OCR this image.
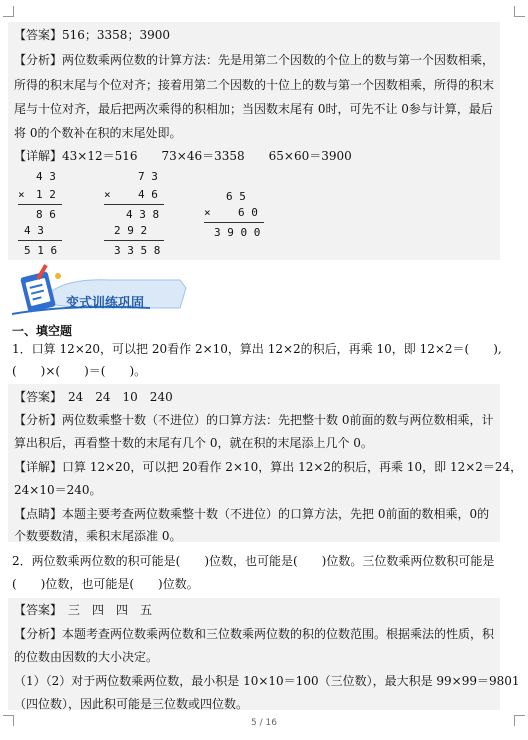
【答案】516；3358；3900
【分析】两位数乘两位数的计算方法：先是用第二个因数的个位上的数与第一个因数相乘，
所得的积末尾与个位对齐；接着用第二个因数的十位上的数与第一个因数相乘，所得的积末
尾与十位对齐，最后把两次乘得的积相加；当因数末尾有 0时，可先不让 0参与计算，最后
将 0的个数补在积的末尾处即。
【详解】43×12＝516　　73×46＝3358　　65×60＝3900
4 3
× 1 2
8 6
4 3
5 1 6
7 3
× 4 6
4 3 8
2 9 2
3 3 5 8
6 5
× 6 0
3 9 0 0
变式训练巩固
一、填空题
1．口算 12×20，可以把 20看作 2×10，算出 12×2的积后，再乘 10，即 12×2＝(　　),
(　　)×(　　)＝(　　)。
【答案】　24　24　10　240
【分析】两位数乘整十数（不进位）的口算方法：先把整十数 0前面的数与两位数相乘，计
算出积后，再看整十数的末尾有几个 0，就在积的末尾添上几个 0。
【详解】口算 12×20，可以把 20看作 2×10，算出 12×2的积后，再乘 10，即 12×2＝24，
24×10＝240。
【点睛】本题主要考查两位数乘整十数（不进位）的口算方法，先把 0前面的数相乘，0的
个数要数清，乘积末尾添准 0。
2．两位数乘两位数的积可能是(　　)位数，也可能是(　　)位数。三位数乘两位数积可能是
(　　)位数，也可能是(　　)位数。
【答案】　三　四　四　五
【分析】本题考查两位数乘两位数和三位数乘两位数的积的位数范围。根据乘法的性质，积
的位数由因数的大小决定。
（1）（2）对于两位数乘两位数，最小积是 10×10＝100（三位数），最大积是 99×99＝9801
（四位数），因此积可能是三位数或四位数。
5 / 16
